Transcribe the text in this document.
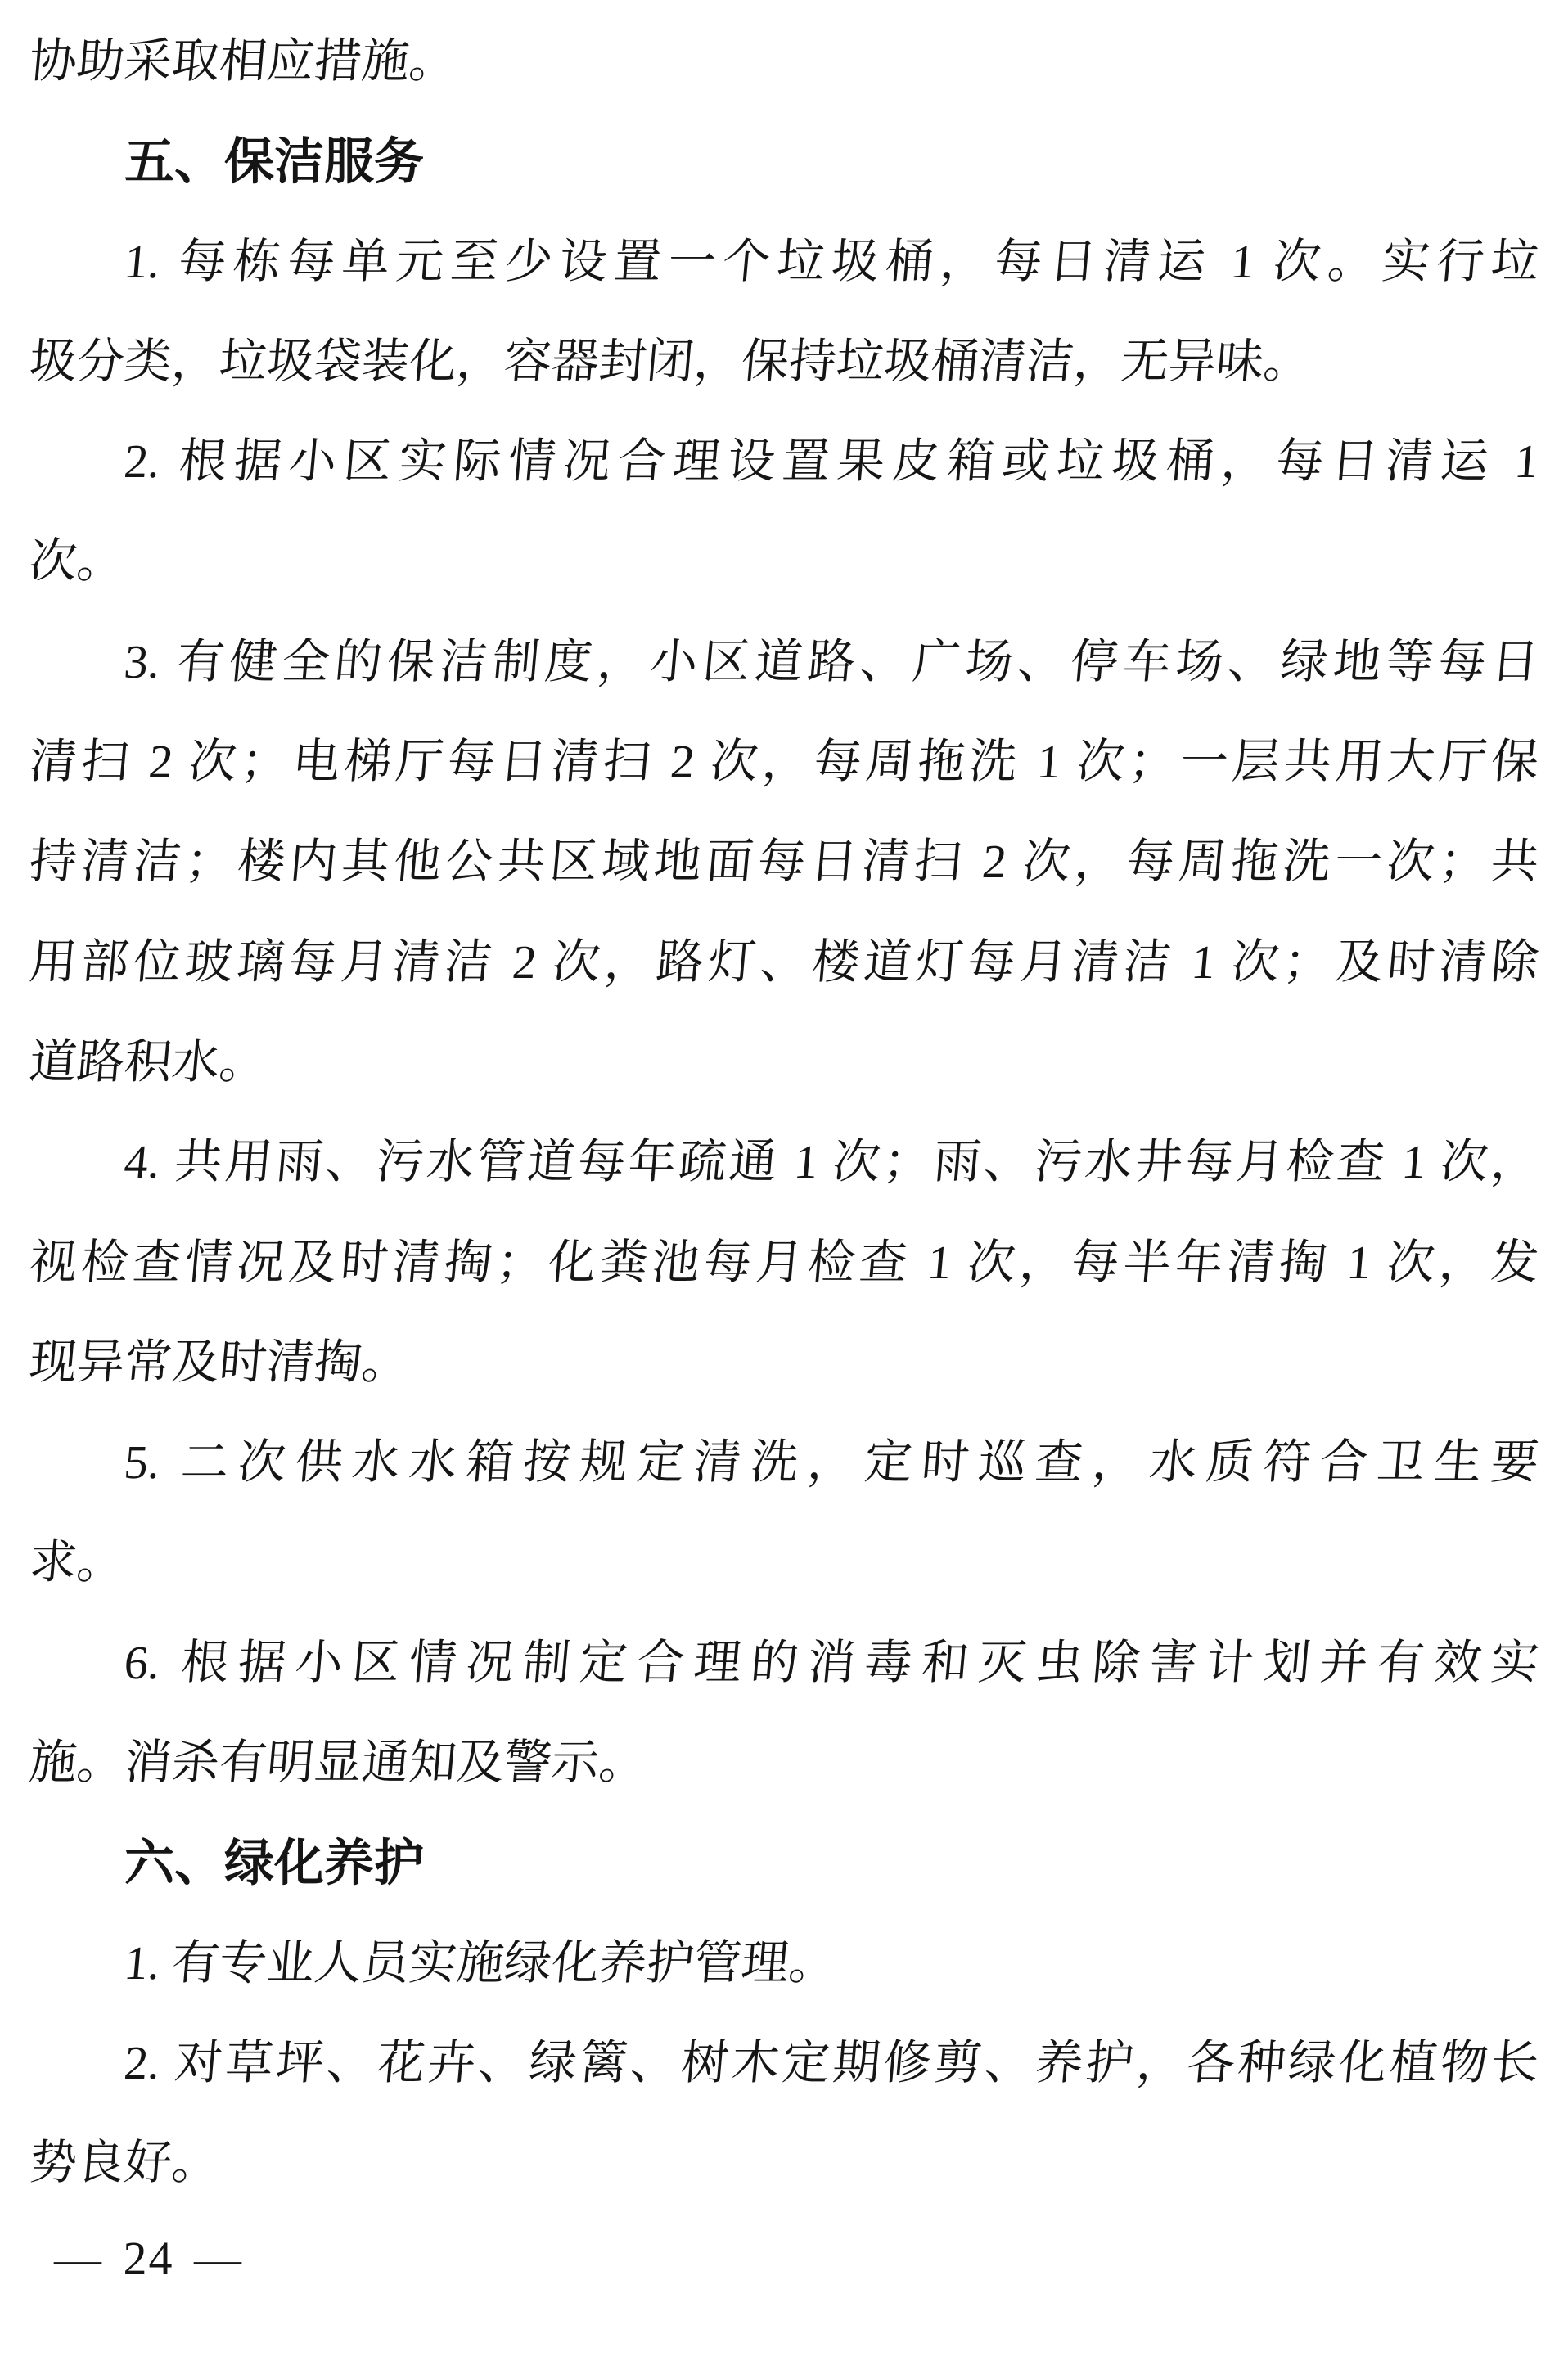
协助采取相应措施。
五、保洁服务
1. 每栋每单元至少设置一个垃圾桶，每日清运 1 次。实行垃
圾分类，垃圾袋装化，容器封闭，保持垃圾桶清洁，无异味。
2. 根据小区实际情况合理设置果皮箱或垃圾桶，每日清运 1
次。
3. 有健全的保洁制度，小区道路、广场、停车场、绿地等每日
清扫 2 次；电梯厅每日清扫 2 次，每周拖洗 1 次；一层共用大厅保
持清洁；楼内其他公共区域地面每日清扫 2 次，每周拖洗一次；共
用部位玻璃每月清洁 2 次，路灯、楼道灯每月清洁 1 次；及时清除
道路积水。
4. 共用雨、污水管道每年疏通 1 次；雨、污水井每月检查 1 次，
视检查情况及时清掏；化粪池每月检查 1 次，每半年清掏 1 次，发
现异常及时清掏。
5. 二次供水水箱按规定清洗，定时巡查，水质符合卫生要
求。
6. 根据小区情况制定合理的消毒和灭虫除害计划并有效实
施。消杀有明显通知及警示。
六、绿化养护
1. 有专业人员实施绿化养护管理。
2. 对草坪、花卉、绿篱、树木定期修剪、养护，各种绿化植物长
势良好。
— 24 —
